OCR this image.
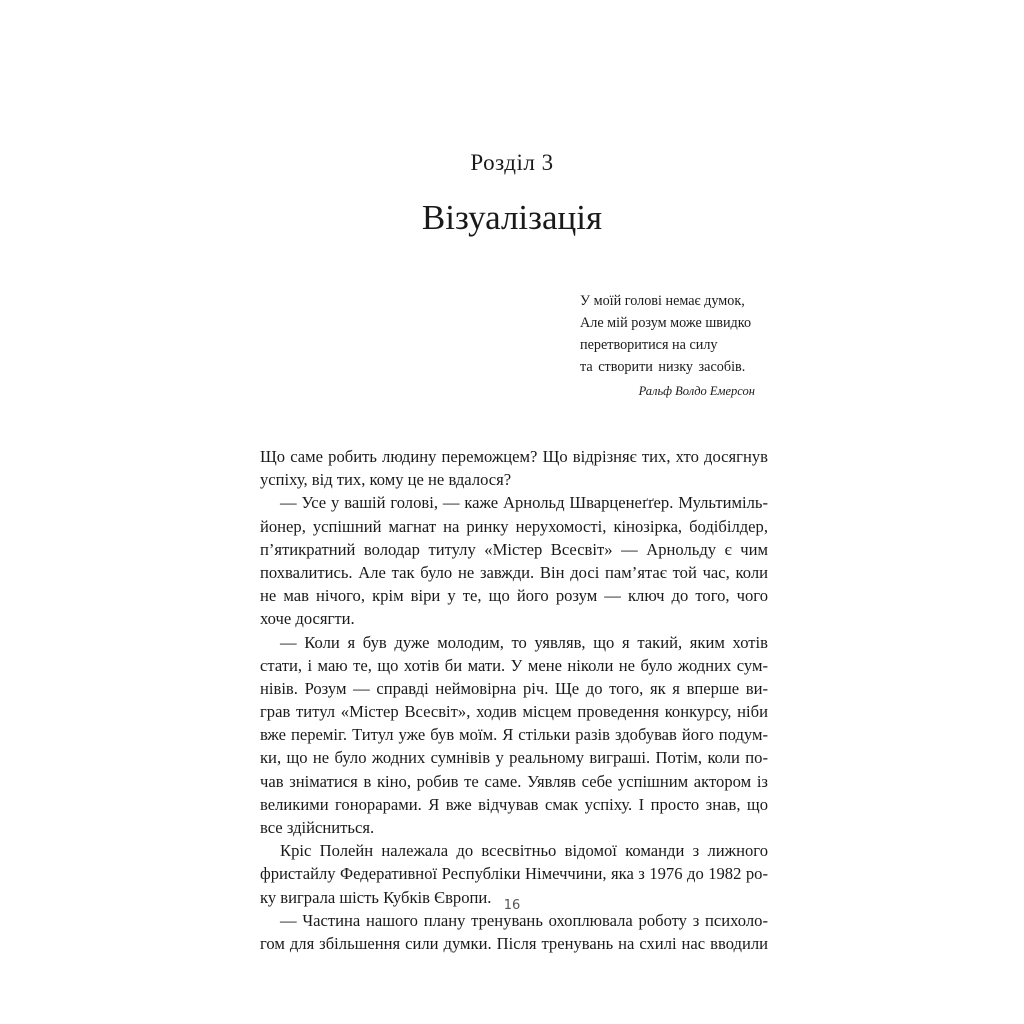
Розділ 3
Візуалізація
У моїй голові немає думок,
Але мій розум може швидко
перетворитися на силу
та створити низку засобів.
Ральф Волдо Емерсон
Що саме робить людину переможцем? Що відрізняє тих, хто досягнув
успіху, від тих, кому це не вдалося?
— Усе у вашій голові, — каже Арнольд Шварценеґґер. Мультиміль-
йонер, успішний магнат на ринку нерухомості, кінозірка, бодібілдер,
п’ятикратний володар титулу «Містер Всесвіт» — Арнольду є чим
похвалитись. Але так було не завжди. Він досі пам’ятає той час, коли
не мав нічого, крім віри у те, що його розум — ключ до того, чого
хоче досягти.
— Коли я був дуже молодим, то уявляв, що я такий, яким хотів
стати, і маю те, що хотів би мати. У мене ніколи не було жодних сум-
нівів. Розум — справді неймовірна річ. Ще до того, як я вперше ви-
грав титул «Містер Всесвіт», ходив місцем проведення конкурсу, ніби
вже переміг. Титул уже був моїм. Я стільки разів здобував його подум-
ки, що не було жодних сумнівів у реальному виграші. Потім, коли по-
чав зніматися в кіно, робив те саме. Уявляв себе успішним актором із
великими гонорарами. Я вже відчував смак успіху. І просто знав, що
все здійсниться.
Кріс Полейн належала до всесвітньо відомої команди з лижного
фристайлу Федеративної Республіки Німеччини, яка з 1976 до 1982 ро-
ку виграла шість Кубків Європи.
— Частина нашого плану тренувань охоплювала роботу з психоло-
гом для збільшення сили думки. Після тренувань на схилі нас вводили
16
